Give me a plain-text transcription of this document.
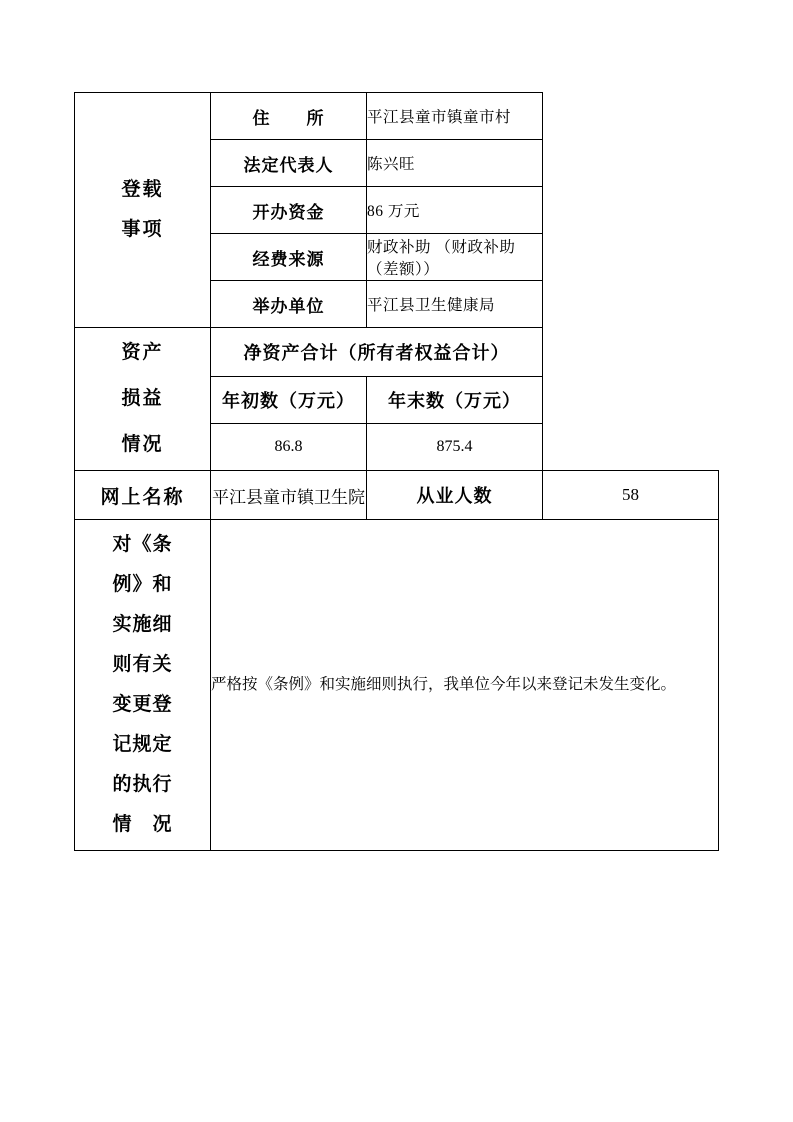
登载
事项	住　　所	平江县童市镇童市村	
	法定代表人	陈兴旺	
	开办资金	86 万元	
	经费来源	财政补助 （财政补助（差额））	
	举办单位	平江县卫生健康局	

资产
损益
情况	净资产合计（所有者权益合计）		
	年初数（万元）	年末数（万元）	
	86.8	875.4	
网上名称	平江县童市镇卫生院	从业人数	58

对《条
例》和
实施细
则有关
变更登
记规定
的执行
情　况
	严格按《条例》和实施细则执行，我单位今年以来登记未发生变化。
